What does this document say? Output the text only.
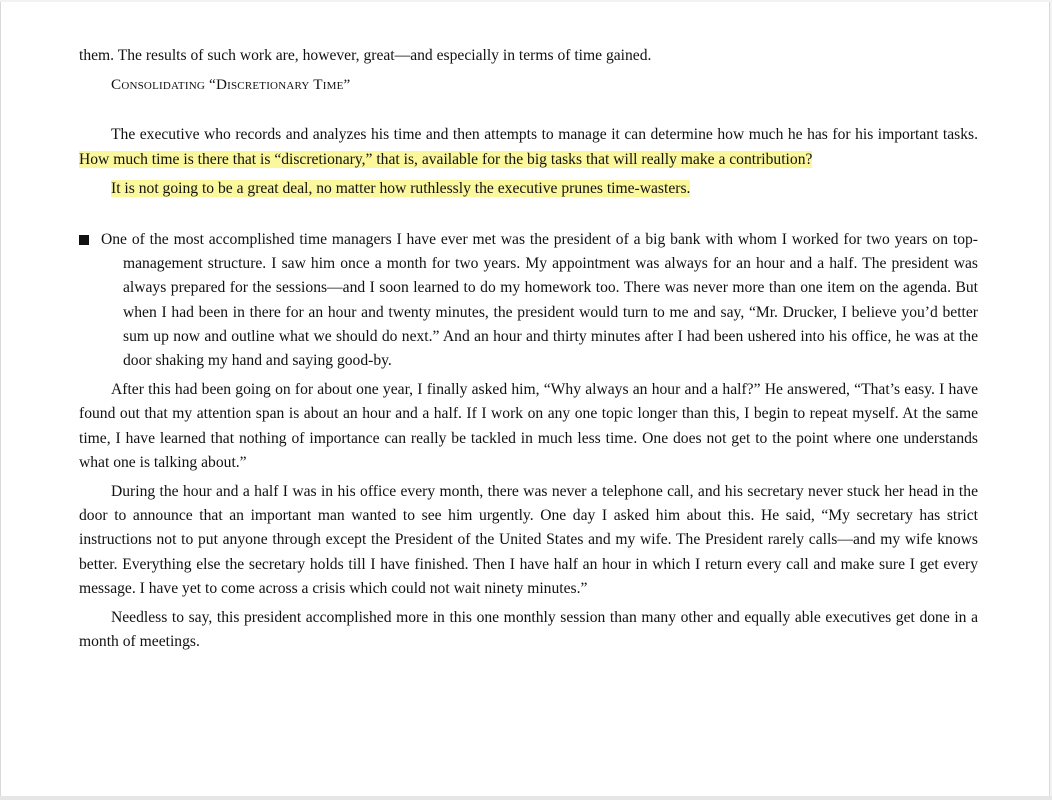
them. The results of such work are, however, great—and especially in terms of time gained.

Consolidating “Discretionary Time”

The executive who records and analyzes his time and then attempts to manage it can determine how much he has for his important tasks. How much time is there that is “discretionary,” that is, available for the big tasks that will really make a contribution?

It is not going to be a great deal, no matter how ruthlessly the executive prunes time-wasters.

One of the most accomplished time managers I have ever met was the president of a big bank with whom I worked for two years on top-management structure. I saw him once a month for two years. My appointment was always for an hour and a half. The president was always prepared for the sessions—and I soon learned to do my homework too. There was never more than one item on the agenda. But when I had been in there for an hour and twenty minutes, the president would turn to me and say, “Mr. Drucker, I believe you’d better sum up now and outline what we should do next.” And an hour and thirty minutes after I had been ushered into his office, he was at the door shaking my hand and saying good-by.

After this had been going on for about one year, I finally asked him, “Why always an hour and a half?” He answered, “That’s easy. I have found out that my attention span is about an hour and a half. If I work on any one topic longer than this, I begin to repeat myself. At the same time, I have learned that nothing of importance can really be tackled in much less time. One does not get to the point where one understands what one is talking about.”

During the hour and a half I was in his office every month, there was never a telephone call, and his secretary never stuck her head in the door to announce that an important man wanted to see him urgently. One day I asked him about this. He said, “My secretary has strict instructions not to put anyone through except the President of the United States and my wife. The President rarely calls—and my wife knows better. Everything else the secretary holds till I have finished. Then I have half an hour in which I return every call and make sure I get every message. I have yet to come across a crisis which could not wait ninety minutes.”

Needless to say, this president accomplished more in this one monthly session than many other and equally able executives get done in a month of meetings.
